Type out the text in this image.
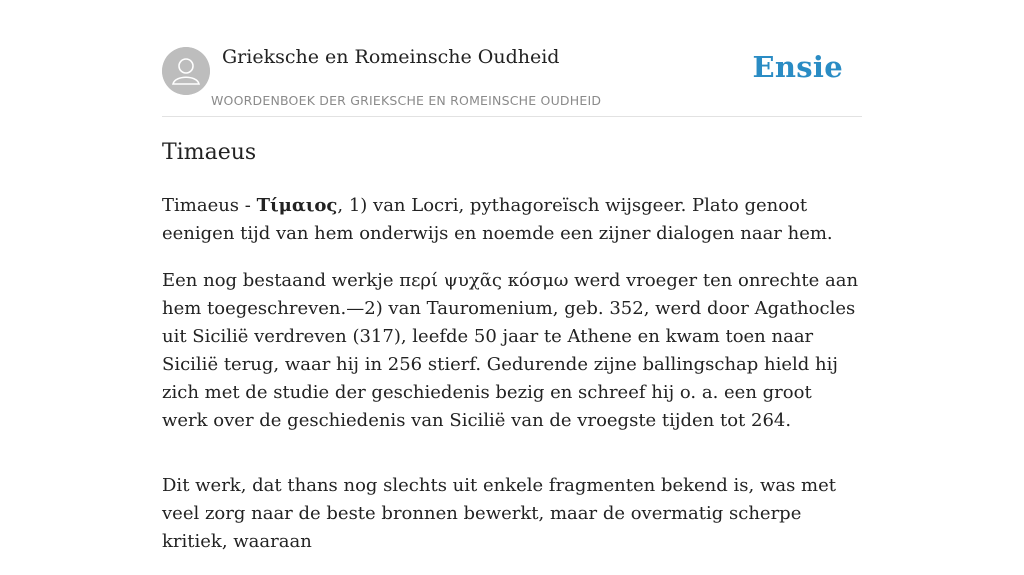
Grieksche en Romeinsche Oudheid
WOORDENBOEK DER GRIEKSCHE EN ROMEINSCHE OUDHEID
Ensie
Timaeus

Timaeus - Τίμαιος, 1) van Locri, pythagoreïsch wijsgeer. Plato genoot eenigen tijd van hem onderwijs en noemde een zijner dialogen naar hem.

Een nog bestaand werkje περί ψυχᾶς κόσμω werd vroeger ten onrechte aan hem toegeschreven.—2) van Tauromenium, geb. 352, werd door Agathocles uit Sicilië verdreven (317), leefde 50 jaar te Athene en kwam toen naar Sicilië terug, waar hij in 256 stierf. Gedurende zijne ballingschap hield hij zich met de studie der geschiedenis bezig en schreef hij o. a. een groot werk over de geschiedenis van Sicilië van de vroegste tijden tot 264.

Dit werk, dat thans nog slechts uit enkele fragmenten bekend is, was met veel zorg naar de beste bronnen bewerkt, maar de overmatig scherpe kritiek, waaraan
